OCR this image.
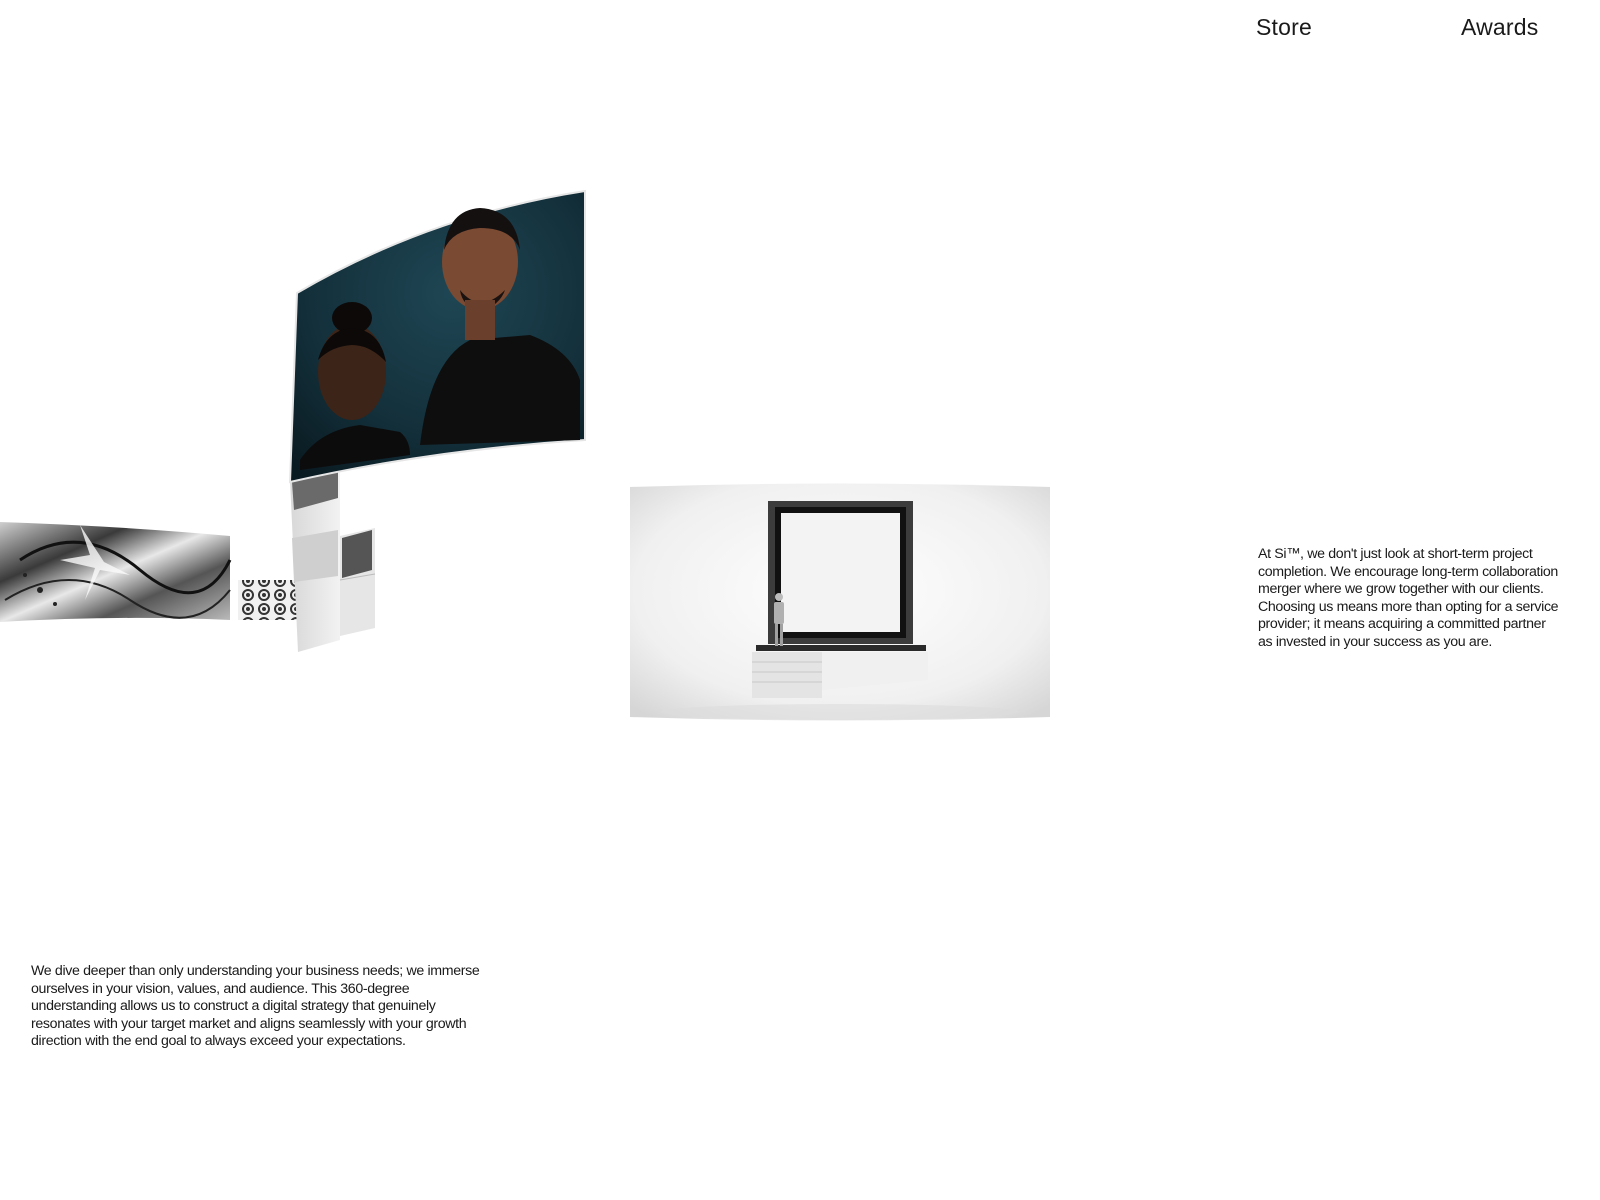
Store	Awards
At Si™, we don't just look at short-term project
completion. We encourage long-term collaboration
merger where we grow together with our clients.
Choosing us means more than opting for a service
provider; it means acquiring a committed partner
as invested in your success as you are.
We dive deeper than only understanding your business needs; we immerse
ourselves in your vision, values, and audience. This 360-degree
understanding allows us to construct a digital strategy that genuinely
resonates with your target market and aligns seamlessly with your growth
direction with the end goal to always exceed your expectations.
